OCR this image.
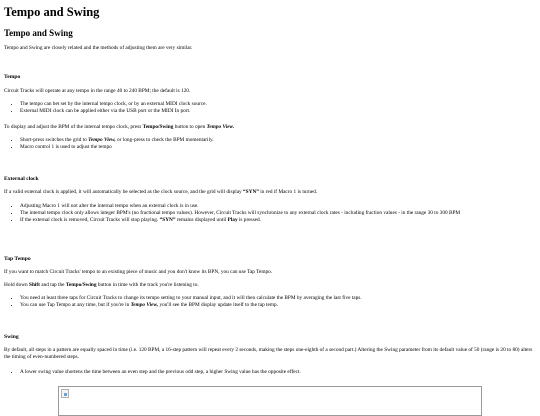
Tempo and Swing
Tempo and Swing

Tempo and Swing are closely related and the methods of adjusting them are very similar.

Tempo

Circuit Tracks will operate at any tempo in the range 40 to 240 BPM; the default is 120.

• The tempo can bet set by the internal tempo clock, or by an external MIDI clock source.
• External MIDI clock can be applied either via the USB port or the MIDI In port.

To display and adjust the BPM of the internal tempo clock, press Tempo/Swing button to open Tempo View.

• Short-press switches the grid to Tempo View, or long-press to check the BPM momentarily.
• Macro control 1 is used to adjust the tempo
External clock

If a valid external clock is applied, it will automatically be selected as the clock source, and the grid will display “SYN” in red if Macro 1 is turned.

• Adjusting Macro 1 will not alter the internal tempo when an external clock is in use.
• The internal tempo clock only allows integer BPM's (no fractional tempo values). However, Circuit Tracks will synchronize to any external clock rates - including fraction values - in the range 30 to 300 BPM
• If the external clock is removed, Circuit Tracks will stop playing. “SYN” remains displayed until Play is pressed.
Tap Tempo

If you want to match Circuit Tracks' tempo to an existing piece of music and you don't know its BPN, you can use Tap Tempo.

Hold down Shift and tap the Tempo/Swing button in time with the track you're listening to.

• You need at least three taps for Circuit Tracks to change its tempo setting to your manual input, and it will then calculate the BPM by averaging the last five taps.
• You can use Tap Tempo at any time, but if you're in Tempo View, you'll see the BPM display update itself to the tap temp.
Swing

By default, all steps in a pattern are equally spaced in time (i.e. 120 BPM, a 16-step pattern will repeat every 2 seconds, making the steps one-eighth of a second part.) Altering the Swing parameter from its default value of 50 (range is 20 to 80) alters the timing of even-numbered steps.

• A lower swing value shortens the time between an even step and the previous odd step, a higher Swing value has the opposite effect.
